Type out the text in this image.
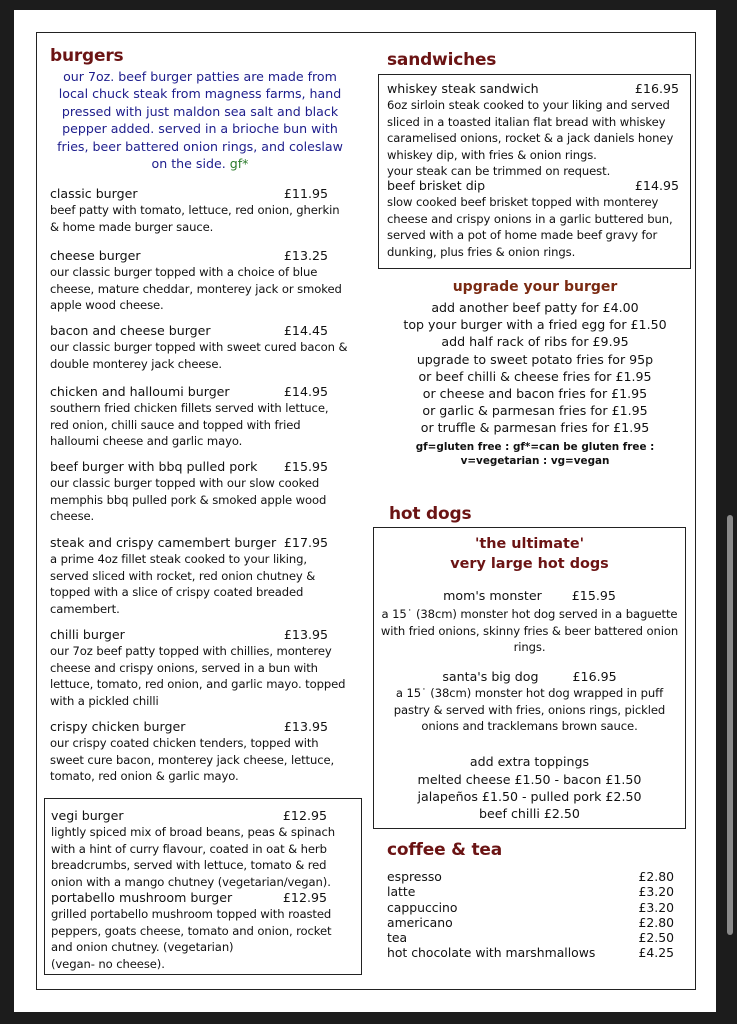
burgers
our 7oz. beef burger patties are made from local chuck steak from magness farms, hand pressed with just maldon sea salt and black pepper added. served in a brioche bun with fries, beer battered onion rings, and coleslaw on the side. gf*
classic burger	£11.95
beef patty with tomato, lettuce, red onion, gherkin & home made burger sauce.
cheese burger	£13.25
our classic burger topped with a choice of blue cheese, mature cheddar, monterey jack or smoked apple wood cheese.
bacon and cheese burger	£14.45
our classic burger topped with sweet cured bacon & double monterey jack cheese.
chicken and halloumi burger	£14.95
southern fried chicken fillets served with lettuce, red onion, chilli sauce and topped with fried halloumi cheese and garlic mayo.
beef burger with bbq pulled pork £15.95
our classic burger topped with our slow cooked memphis bbq pulled pork & smoked apple wood cheese.
steak and crispy camembert burger £17.95
a prime 4oz fillet steak cooked to your liking, served sliced with rocket, red onion chutney & topped with a slice of crispy coated breaded camembert.
chilli burger	£13.95
our 7oz beef patty topped with chillies, monterey cheese and crispy onions, served in a bun with lettuce, tomato, red onion, and garlic mayo. topped with a pickled chilli
crispy chicken burger	£13.95
our crispy coated chicken tenders, topped with sweet cure bacon, monterey jack cheese, lettuce, tomato, red onion & garlic mayo.
vegi burger	£12.95
lightly spiced mix of broad beans, peas & spinach with a hint of curry flavour, coated in oat & herb breadcrumbs, served with lettuce, tomato & red onion with a mango chutney (vegetarian/vegan).
portabello mushroom burger	£12.95
grilled portabello mushroom topped with roasted peppers, goats cheese, tomato and onion, rocket and onion chutney. (vegetarian)
(vegan- no cheese).
sandwiches
whiskey steak sandwich	£16.95
6oz sirloin steak cooked to your liking and served sliced in a toasted italian flat bread with whiskey caramelised onions, rocket & a jack daniels honey whiskey dip, with fries & onion rings.
your steak can be trimmed on request.
beef brisket dip	£14.95
slow cooked beef brisket topped with monterey cheese and crispy onions in a garlic buttered bun, served with a pot of home made beef gravy for dunking, plus fries & onion rings.
upgrade your burger
add another beef patty for £4.00
top your burger with a fried egg for £1.50
add half rack of ribs for £9.95
upgrade to sweet potato fries for 95p
or beef chilli & cheese fries for £1.95
or cheese and bacon fries for £1.95
or garlic & parmesan fries for £1.95
or truffle & parmesan fries for £1.95
gf=gluten free : gf*=can be gluten free :
v=vegetarian : vg=vegan
hot dogs
'the ultimate'
very large hot dogs
mom's monster £15.95
a 15˙ (38cm) monster hot dog served in a baguette with fried onions, skinny fries & beer battered onion rings.
santa's big dog	£16.95
a 15˙ (38cm) monster hot dog wrapped in puff pastry & served with fries, onions rings, pickled onions and tracklemans brown sauce.
add extra toppings
melted cheese £1.50 - bacon £1.50
jalapeños £1.50 - pulled pork £2.50
beef chilli £2.50
coffee & tea
espresso	£2.80
latte	£3.20
cappuccino	£3.20
americano	£2.80
tea	£2.50
hot chocolate with marshmallows	£4.25
